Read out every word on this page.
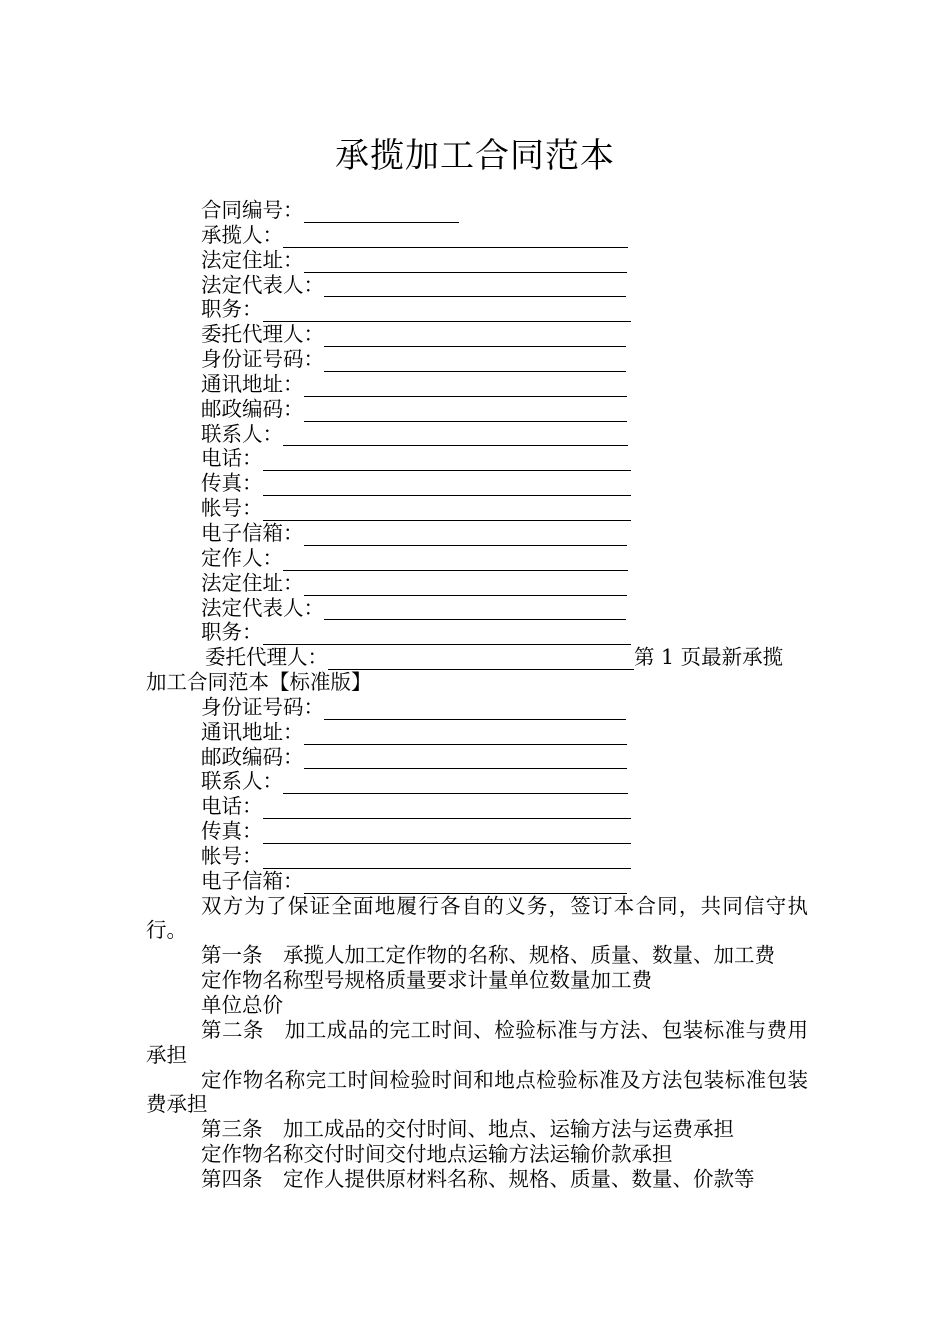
承揽加工合同范本
合同编号：
承揽人：
法定住址：
法定代表人：
职务：
委托代理人：
身份证号码：
通讯地址：
邮政编码：
联系人：
电话：
传真：
帐号：
电子信箱：
定作人：
法定住址：
法定代表人：
职务：
委托代理人：	第 1 页最新承揽
加工合同范本【标准版】
身份证号码：
通讯地址：
邮政编码：
联系人：
电话：
传真：
帐号：
电子信箱：
双方为了保证全面地履行各自的义务，签订本合同，共同信守执行。
第一条　承揽人加工定作物的名称、规格、质量、数量、加工费
定作物名称型号规格质量要求计量单位数量加工费
单位总价
第二条　加工成品的完工时间、检验标准与方法、包装标准与费用承担
定作物名称完工时间检验时间和地点检验标准及方法包装标准包装费承担
第三条　加工成品的交付时间、地点、运输方法与运费承担
定作物名称交付时间交付地点运输方法运输价款承担
第四条　定作人提供原材料名称、规格、质量、数量、价款等
